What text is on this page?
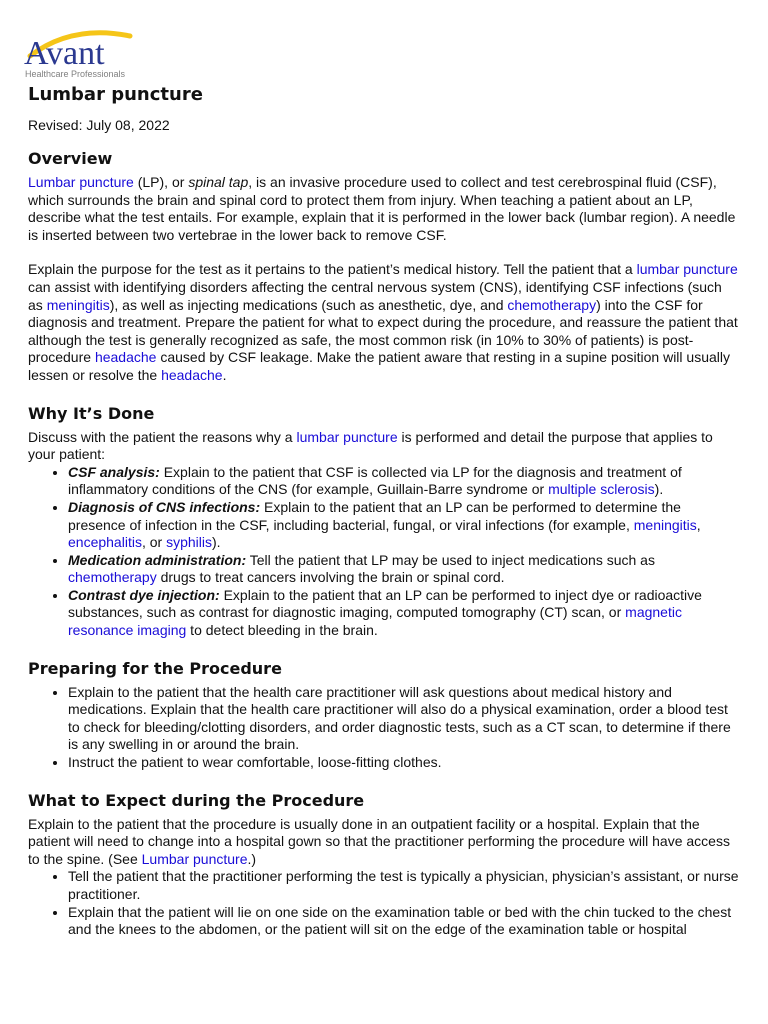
Avant
Healthcare Professionals
Lumbar puncture
Revised: July 08, 2022
Overview

Lumbar puncture (LP), or spinal tap, is an invasive procedure used to collect and test cerebrospinal fluid (CSF), which surrounds the brain and spinal cord to protect them from injury. When teaching a patient about an LP, describe what the test entails. For example, explain that it is performed in the lower back (lumbar region). A needle is inserted between two vertebrae in the lower back to remove CSF.

Explain the purpose for the test as it pertains to the patient’s medical history. Tell the patient that a lumbar puncture can assist with identifying disorders affecting the central nervous system (CNS), identifying CSF infections (such as meningitis), as well as injecting medications (such as anesthetic, dye, and chemotherapy) into the CSF for diagnosis and treatment. Prepare the patient for what to expect during the procedure, and reassure the patient that although the test is generally recognized as safe, the most common risk (in 10% to 30% of patients) is post-procedure headache caused by CSF leakage. Make the patient aware that resting in a supine position will usually lessen or resolve the headache.

Why It’s Done

Discuss with the patient the reasons why a lumbar puncture is performed and detail the purpose that applies to your patient:

• CSF analysis: Explain to the patient that CSF is collected via LP for the diagnosis and treatment of inflammatory conditions of the CNS (for example, Guillain-Barre syndrome or multiple sclerosis).
• Diagnosis of CNS infections: Explain to the patient that an LP can be performed to determine the presence of infection in the CSF, including bacterial, fungal, or viral infections (for example, meningitis, encephalitis, or syphilis).
• Medication administration: Tell the patient that LP may be used to inject medications such as chemotherapy drugs to treat cancers involving the brain or spinal cord.
• Contrast dye injection: Explain to the patient that an LP can be performed to inject dye or radioactive substances, such as contrast for diagnostic imaging, computed tomography (CT) scan, or magnetic resonance imaging to detect bleeding in the brain.
Preparing for the Procedure
• Explain to the patient that the health care practitioner will ask questions about medical history and medications. Explain that the health care practitioner will also do a physical examination, order a blood test to check for bleeding/clotting disorders, and order diagnostic tests, such as a CT scan, to determine if there is any swelling in or around the brain.
• Instruct the patient to wear comfortable, loose-fitting clothes.
What to Expect during the Procedure

Explain to the patient that the procedure is usually done in an outpatient facility or a hospital. Explain that the patient will need to change into a hospital gown so that the practitioner performing the procedure will have access to the spine. (See Lumbar puncture.)

• Tell the patient that the practitioner performing the test is typically a physician, physician’s assistant, or nurse practitioner.
• Explain that the patient will lie on one side on the examination table or bed with the chin tucked to the chest and the knees to the abdomen, or the patient will sit on the edge of the examination table or hospital
